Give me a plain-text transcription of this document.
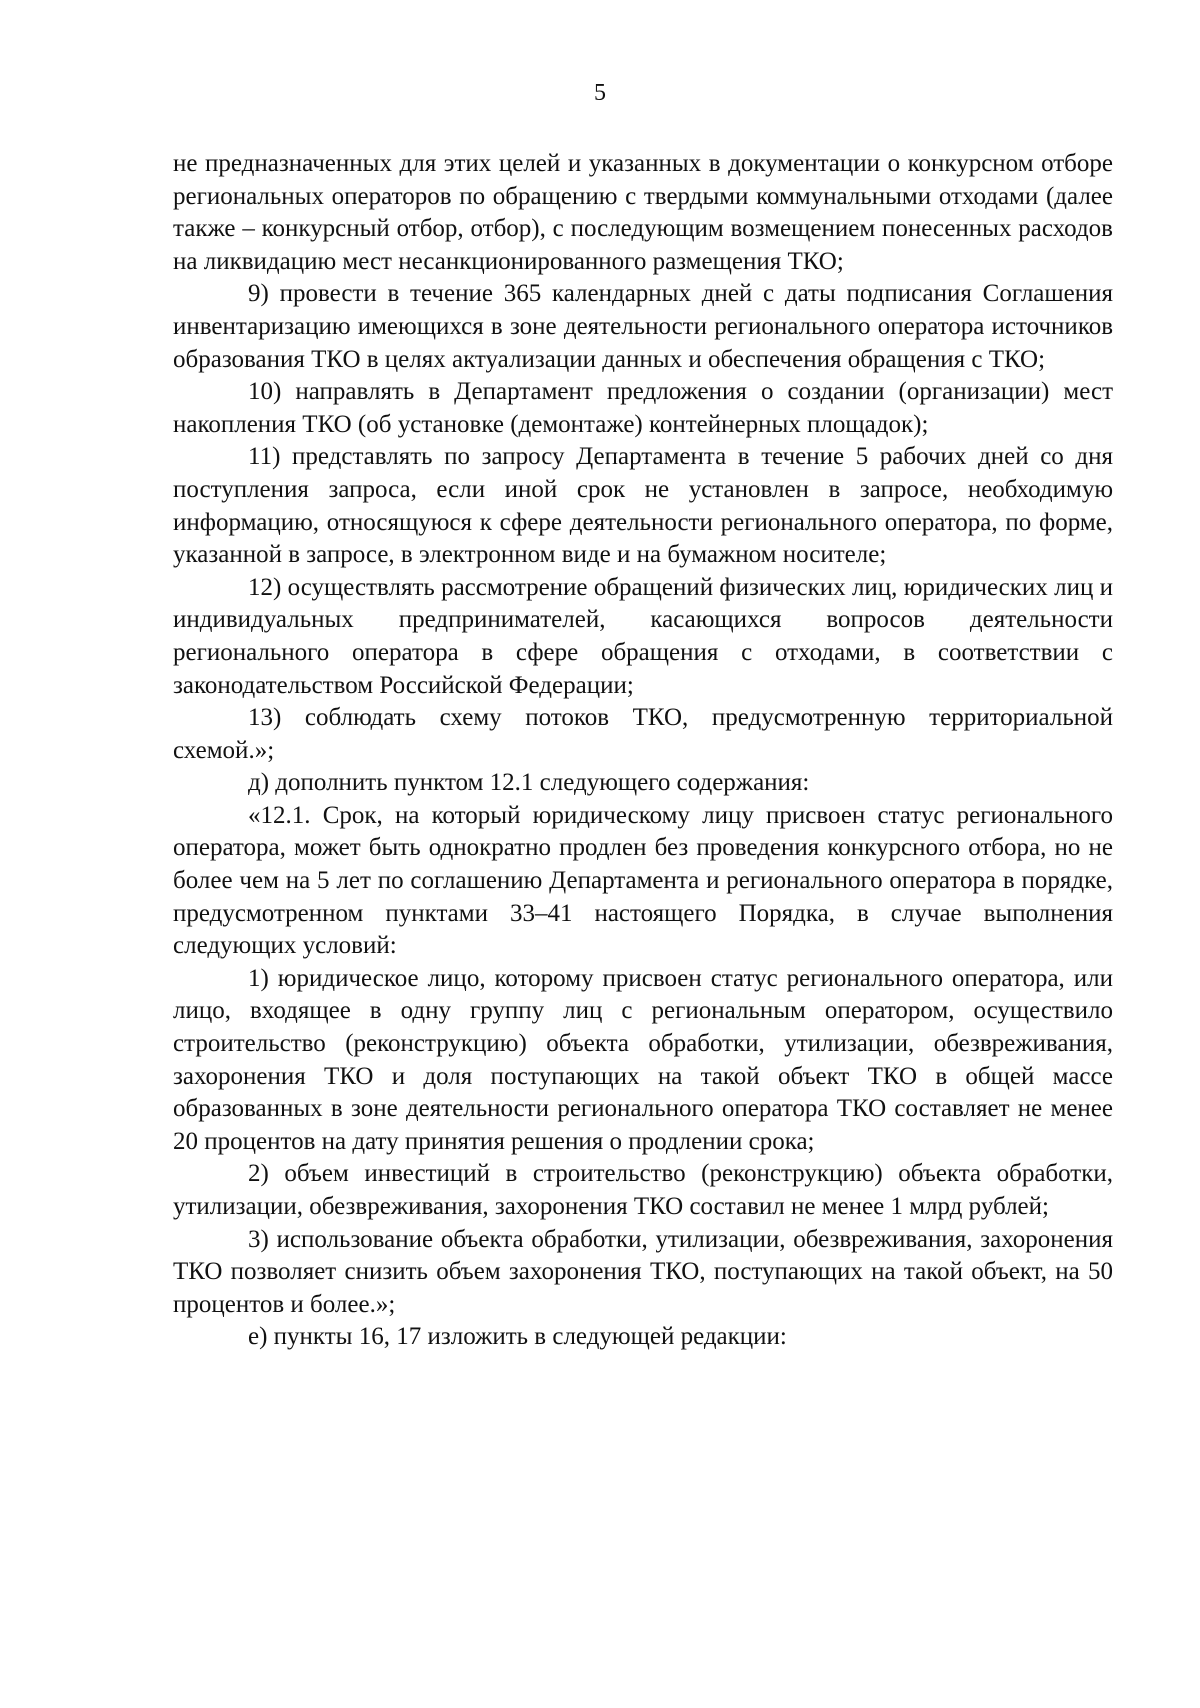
5

не предназначенных для этих целей и указанных в документации о конкурсном отборе региональных операторов по обращению с твердыми коммунальными отходами (далее также – конкурсный отбор, отбор), с последующим возмещением понесенных расходов на ликвидацию мест несанкционированного размещения ТКО;

9) провести в течение 365 календарных дней с даты подписания Соглашения инвентаризацию имеющихся в зоне деятельности регионального оператора источников образования ТКО в целях актуализации данных и обеспечения обращения с ТКО;

10) направлять в Департамент предложения о создании (организации) мест накопления ТКО (об установке (демонтаже) контейнерных площадок);

11) представлять по запросу Департамента в течение 5 рабочих дней со дня поступления запроса, если иной срок не установлен в запросе, необходимую информацию, относящуюся к сфере деятельности регионального оператора, по форме, указанной в запросе, в электронном виде и на бумажном носителе;

12) осуществлять рассмотрение обращений физических лиц, юридических лиц и индивидуальных предпринимателей, касающихся вопросов деятельности регионального оператора в сфере обращения с отходами, в соответствии с законодательством Российской Федерации;

13) соблюдать схему потоков ТКО, предусмотренную территориальной схемой.»;

д) дополнить пунктом 12.1 следующего содержания:

«12.1. Срок, на который юридическому лицу присвоен статус регионального оператора, может быть однократно продлен без проведения конкурсного отбора, но не более чем на 5 лет по соглашению Департамента и регионального оператора в порядке, предусмотренном пунктами 33–41 настоящего Порядка, в случае выполнения следующих условий:

1) юридическое лицо, которому присвоен статус регионального оператора, или лицо, входящее в одну группу лиц с региональным оператором, осуществило строительство (реконструкцию) объекта обработки, утилизации, обезвреживания, захоронения ТКО и доля поступающих на такой объект ТКО в общей массе образованных в зоне деятельности регионального оператора ТКО составляет не менее 20 процентов на дату принятия решения о продлении срока;

2) объем инвестиций в строительство (реконструкцию) объекта обработки, утилизации, обезвреживания, захоронения ТКО составил не менее 1 млрд рублей;

3) использование объекта обработки, утилизации, обезвреживания, захоронения ТКО позволяет снизить объем захоронения ТКО, поступающих на такой объект, на 50 процентов и более.»;

е) пункты 16, 17 изложить в следующей редакции:
